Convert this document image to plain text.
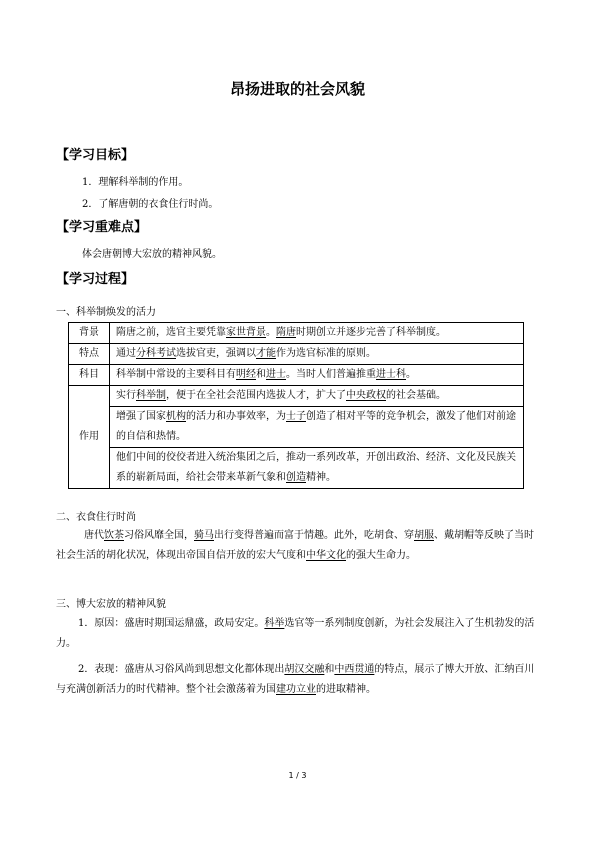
昂扬进取的社会风貌
【学习目标】
1．理解科举制的作用。
2．了解唐朝的衣食住行时尚。
【学习重难点】
体会唐朝博大宏放的精神风貌。
【学习过程】
一、科举制焕发的活力
背景	隋唐之前，选官主要凭靠家世背景。隋唐时期创立并逐步完善了科举制度。
特点	通过分科考试选拔官吏，强调以才能作为选官标准的原则。
科目	科举制中常设的主要科目有明经和进士。当时人们普遍推重进士科。
作用	实行科举制，便于在全社会范围内选拔人才，扩大了中央政权的社会基础。
	增强了国家机构的活力和办事效率，为士子创造了相对平等的竞争机会，激发了他们对前途的自信和热情。
	他们中间的佼佼者进入统治集团之后，推动一系列改革，开创出政治、经济、文化及民族关系的崭新局面，给社会带来革新气象和创造精神。
二、衣食住行时尚
唐代饮茶习俗风靡全国，骑马出行变得普遍而富于情趣。此外，吃胡食、穿胡服、戴胡帽等反映了当时社会生活的胡化状况，体现出帝国自信开放的宏大气度和中华文化的强大生命力。
三、博大宏放的精神风貌
1．原因：盛唐时期国运鼎盛，政局安定。科举选官等一系列制度创新，为社会发展注入了生机勃发的活力。
2．表现：盛唐从习俗风尚到思想文化都体现出胡汉交融和中西贯通的特点，展示了博大开放、汇纳百川与充满创新活力的时代精神。整个社会激荡着为国建功立业的进取精神。
1 / 3
